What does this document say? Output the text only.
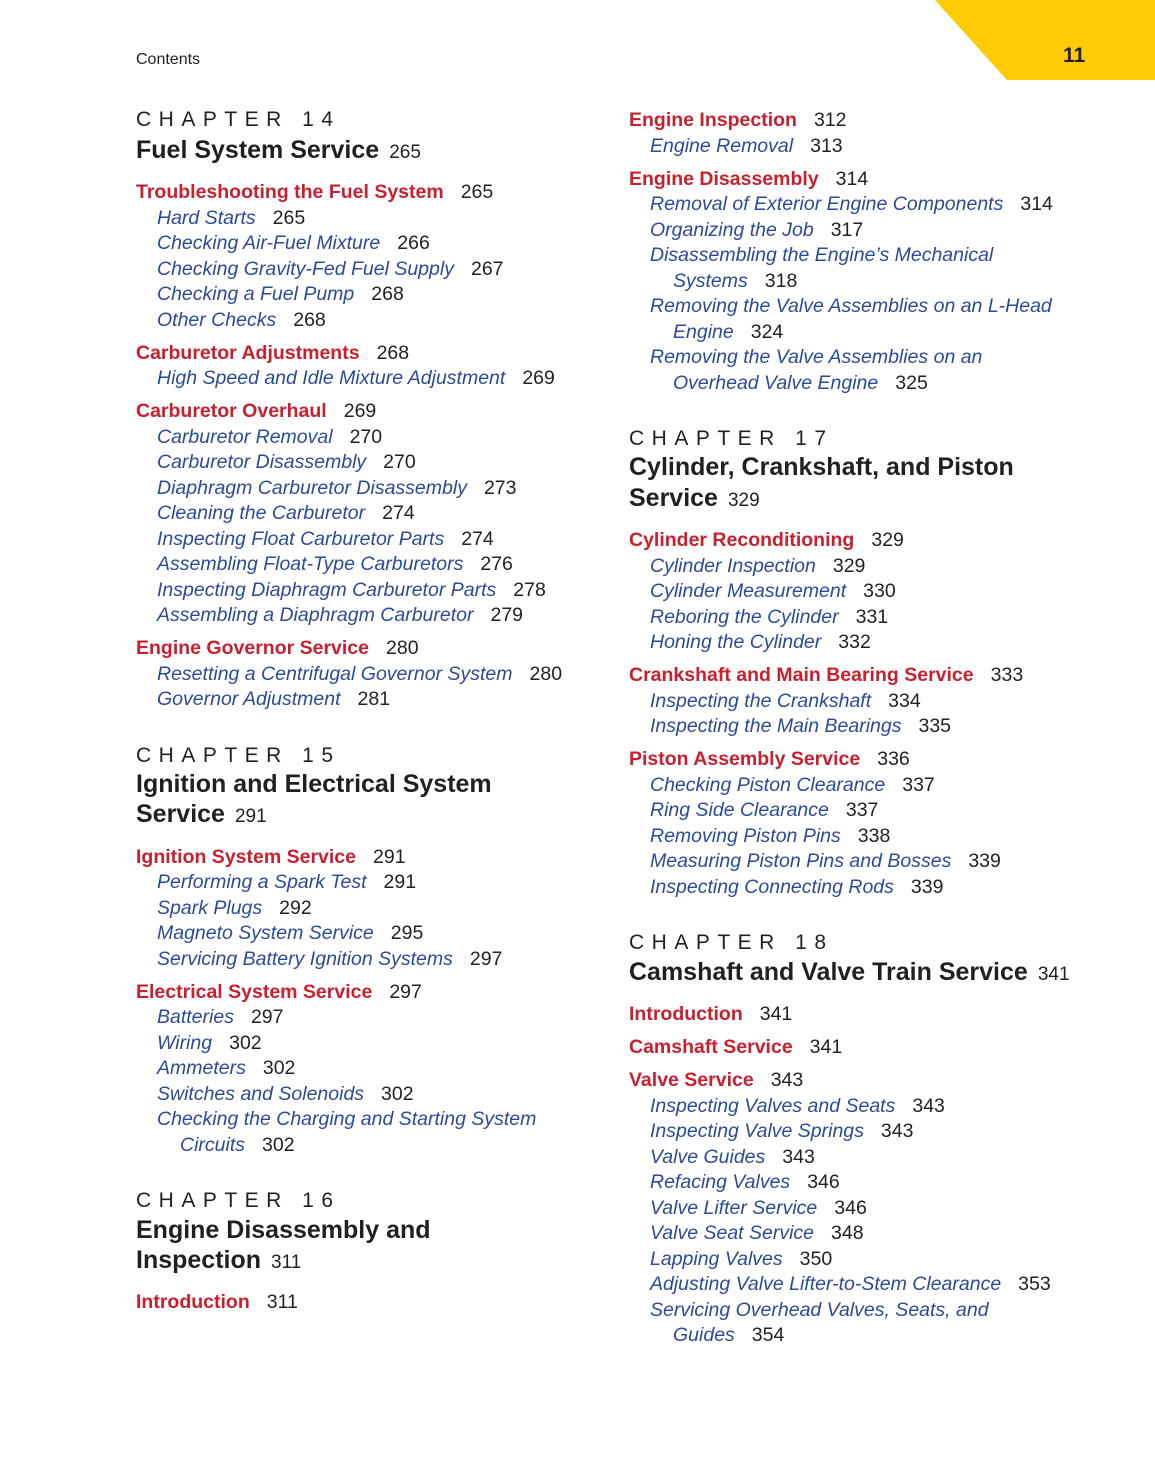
11
Contents
CHAPTER 14
Fuel System Service 265
Troubleshooting the Fuel System 265
Hard Starts 265
Checking Air-Fuel Mixture 266
Checking Gravity-Fed Fuel Supply 267
Checking a Fuel Pump 268
Other Checks 268
Carburetor Adjustments 268
High Speed and Idle Mixture Adjustment 269
Carburetor Overhaul 269
Carburetor Removal 270
Carburetor Disassembly 270
Diaphragm Carburetor Disassembly 273
Cleaning the Carburetor 274
Inspecting Float Carburetor Parts 274
Assembling Float-Type Carburetors 276
Inspecting Diaphragm Carburetor Parts 278
Assembling a Diaphragm Carburetor 279
Engine Governor Service 280
Resetting a Centrifugal Governor System 280
Governor Adjustment 281
CHAPTER 15
Ignition and Electrical System
Service 291
Ignition System Service 291
Performing a Spark Test 291
Spark Plugs 292
Magneto System Service 295
Servicing Battery Ignition Systems 297
Electrical System Service 297
Batteries 297
Wiring 302
Ammeters 302
Switches and Solenoids 302
Checking the Charging and Starting System
Circuits 302
CHAPTER 16
Engine Disassembly and
Inspection 311
Introduction 311
Engine Inspection 312
Engine Removal 313
Engine Disassembly 314
Removal of Exterior Engine Components 314
Organizing the Job 317
Disassembling the Engine’s Mechanical
Systems 318
Removing the Valve Assemblies on an L-Head
Engine 324
Removing the Valve Assemblies on an
Overhead Valve Engine 325
CHAPTER 17
Cylinder, Crankshaft, and Piston
Service 329
Cylinder Reconditioning 329
Cylinder Inspection 329
Cylinder Measurement 330
Reboring the Cylinder 331
Honing the Cylinder 332
Crankshaft and Main Bearing Service 333
Inspecting the Crankshaft 334
Inspecting the Main Bearings 335
Piston Assembly Service 336
Checking Piston Clearance 337
Ring Side Clearance 337
Removing Piston Pins 338
Measuring Piston Pins and Bosses 339
Inspecting Connecting Rods 339
CHAPTER 18
Camshaft and Valve Train Service 341
Introduction 341
Camshaft Service 341
Valve Service 343
Inspecting Valves and Seats 343
Inspecting Valve Springs 343
Valve Guides 343
Refacing Valves 346
Valve Lifter Service 346
Valve Seat Service 348
Lapping Valves 350
Adjusting Valve Lifter-to-Stem Clearance 353
Servicing Overhead Valves, Seats, and
Guides 354
